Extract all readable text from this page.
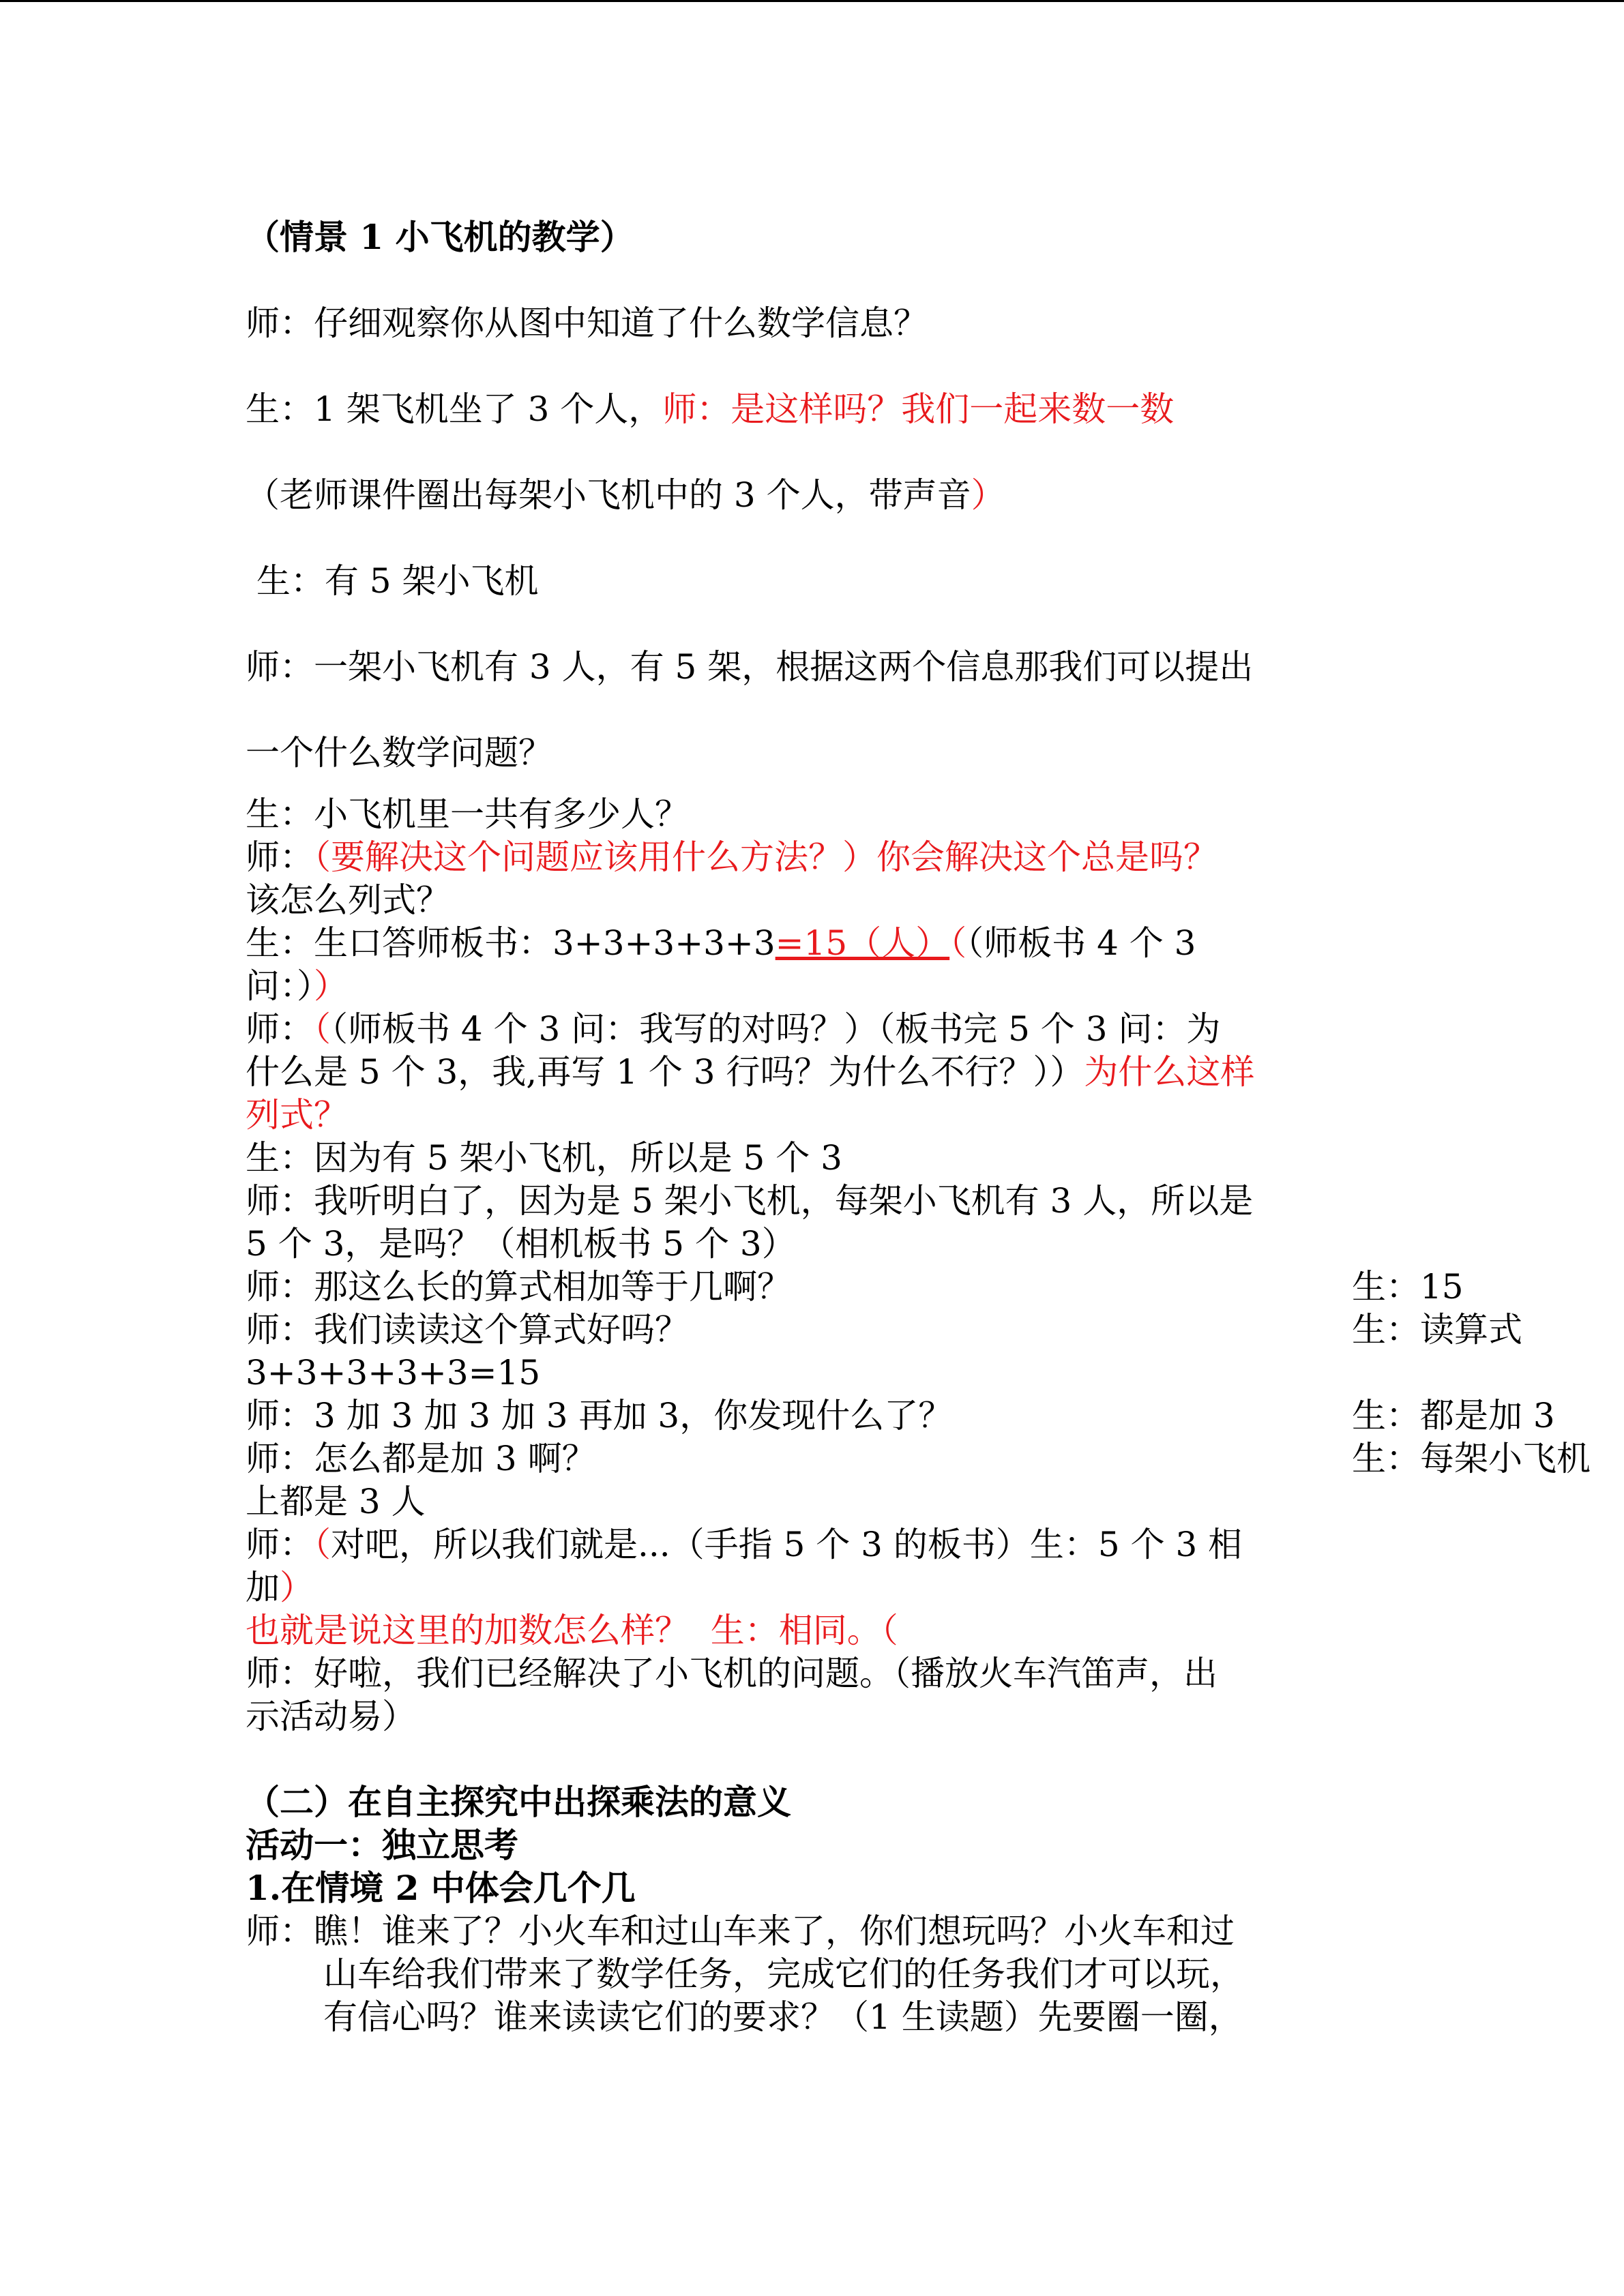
（情景 1 小飞机的教学）
师：仔细观察你从图中知道了什么数学信息？
生：1 架飞机坐了 3 个人，师：是这样吗？我们一起来数一数
（老师课件圈出每架小飞机中的 3 个人，带声音）
生：有 5 架小飞机
师：一架小飞机有 3 人，有 5 架，根据这两个信息那我们可以提出
一个什么数学问题？
生：小飞机里一共有多少人？
师：（要解决这个问题应该用什么方法？）你会解决这个总是吗？
该怎么列式？
生：生口答师板书：3+3+3+3+3=15（人）（（师板书 4 个 3
问：））
师：（（师板书 4 个 3 问：我写的对吗？）（板书完 5 个 3 问：为
什么是 5 个 3，我,再写 1 个 3 行吗？为什么不行？））为什么这样
列式？
生：因为有 5 架小飞机，所以是 5 个 3
师：我听明白了，因为是 5 架小飞机，每架小飞机有 3 人，所以是
5 个 3，是吗？（相机板书 5 个 3）
师：那这么长的算式相加等于几啊？	生：15
师：我们读读这个算式好吗？	生：读算式
3+3+3+3+3=15
师：3 加 3 加 3 加 3 再加 3，你发现什么了？	生：都是加 3
师：怎么都是加 3 啊？	生：每架小飞机
上都是 3 人
师：（对吧，所以我们就是...（手指 5 个 3 的板书）生：5 个 3 相
加）
也就是说这里的加数怎么样？  生：相同。（
师：好啦，我们已经解决了小飞机的问题。（播放火车汽笛声，出
示活动易）
（二）在自主探究中出探乘法的意义
活动一：独立思考
1.在情境 2 中体会几个几
师：瞧！谁来了？小火车和过山车来了，你们想玩吗？小火车和过
山车给我们带来了数学任务，完成它们的任务我们才可以玩，
有信心吗？谁来读读它们的要求？（1 生读题）先要圈一圈，
